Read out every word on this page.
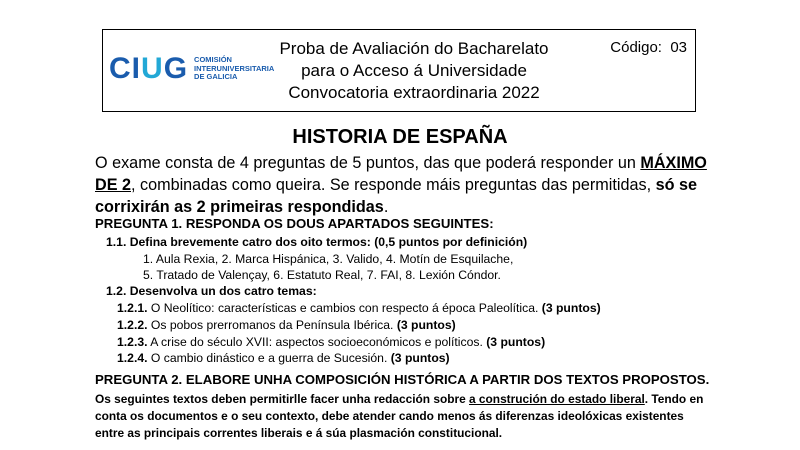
CIUG COMISIÓN
INTERUNIVERSITARIA
DE GALICIA
Proba de Avaliación do Bacharelato
para o Acceso á Universidade
Convocatoria extraordinaria 2022
Código: 03
HISTORIA DE ESPAÑA
O exame consta de 4 preguntas de 5 puntos, das que poderá responder un MÁXIMO DE 2, combinadas como queira. Se responde máis preguntas das permitidas, só se corrixirán as 2 primeiras respondidas.
PREGUNTA 1. RESPONDA OS DOUS APARTADOS SEGUINTES:
1.1. Defina brevemente catro dos oito termos: (0,5 puntos por definición)
1. Aula Rexia, 2. Marca Hispánica, 3. Valido, 4. Motín de Esquilache,
5. Tratado de Valençay, 6. Estatuto Real, 7. FAI, 8. Lexión Cóndor.
1.2. Desenvolva un dos catro temas:
1.2.1. O Neolítico: características e cambios con respecto á época Paleolítica. (3 puntos)
1.2.2. Os pobos prerromanos da Península Ibérica. (3 puntos)
1.2.3. A crise do século XVII: aspectos socioeconómicos e políticos. (3 puntos)
1.2.4. O cambio dinástico e a guerra de Sucesión. (3 puntos)
PREGUNTA 2. ELABORE UNHA COMPOSICIÓN HISTÓRICA A PARTIR DOS TEXTOS PROPOSTOS.
Os seguintes textos deben permitirlle facer unha redacción sobre a construción do estado liberal. Tendo en conta os documentos e o seu contexto, debe atender cando menos ás diferenzas ideolóxicas existentes entre as principais correntes liberais e á súa plasmación constitucional.
